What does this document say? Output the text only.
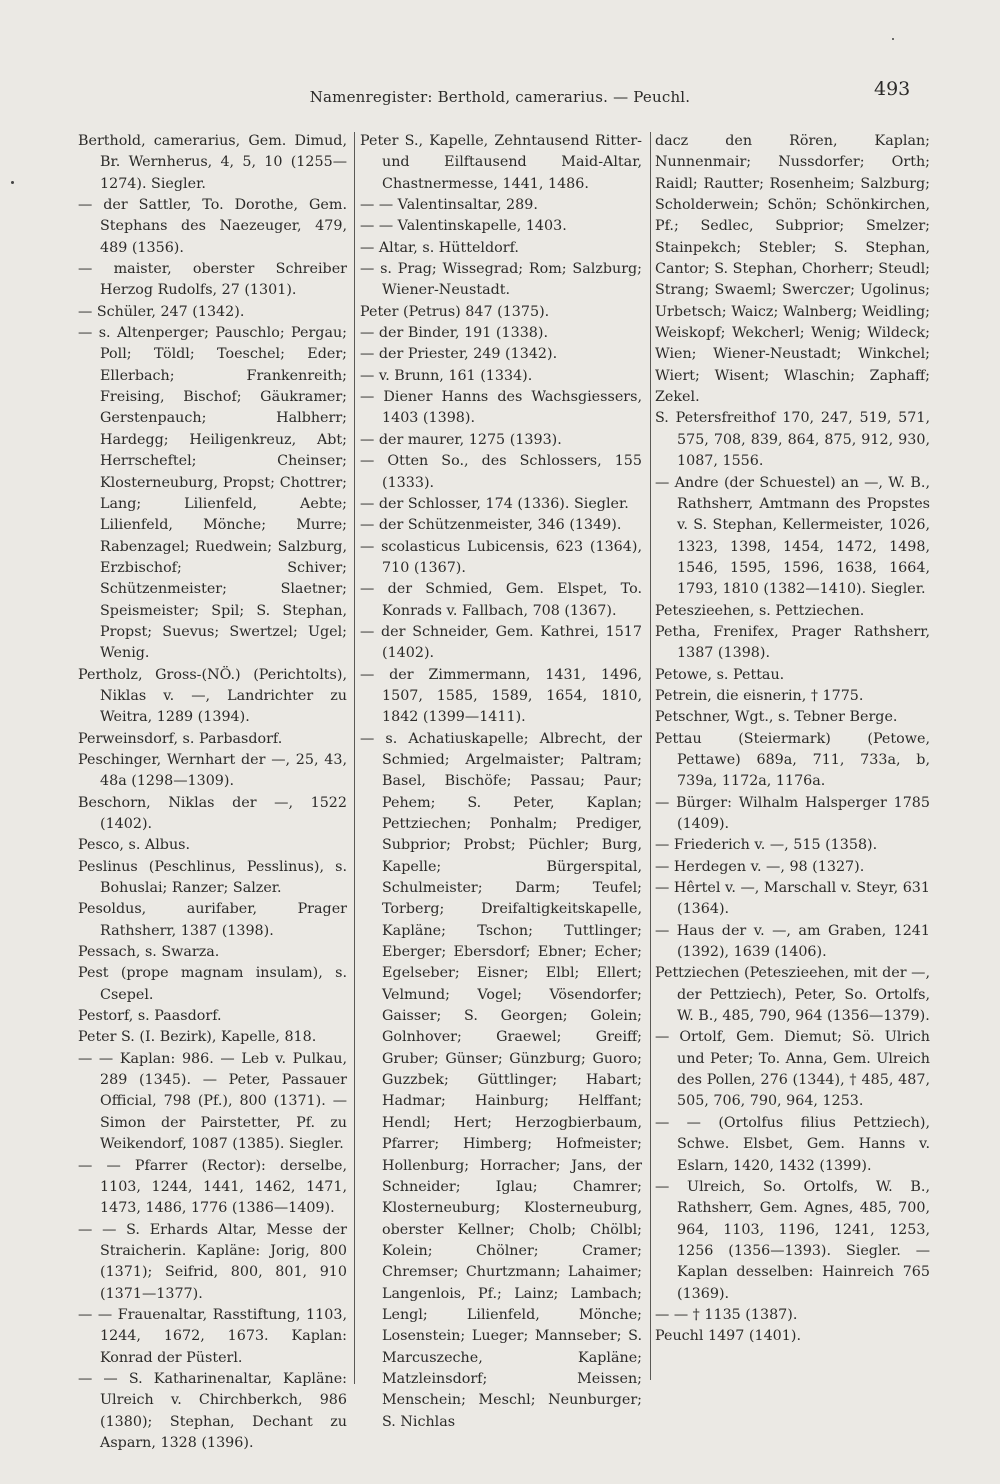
Namenregister: Berthold, camerarius. — Peuchl.	493

Berthold, camerarius, Gem. Dimud, Br. Wernherus, 4, 5, 10 (1255—1274). Siegler.

— der Sattler, To. Dorothe, Gem. Stephans des Naezeuger, 479, 489 (1356).

— maister, oberster Schreiber Herzog Rudolfs, 27 (1301).

— Schüler, 247 (1342).

— s. Altenperger; Pauschlo; Pergau; Poll; Töldl; Toeschel; Eder; Ellerbach; Frankenreith; Freising, Bischof; Gäukramer; Gerstenpauch; Halbherr; Hardegg; Heiligenkreuz, Abt; Herrscheftel; Cheinser; Klosterneuburg, Propst; Chottrer; Lang; Lilienfeld, Aebte; Lilienfeld, Mönche; Murre; Rabenzagel; Ruedwein; Salzburg, Erzbischof; Schiver; Schützenmeister; Slaetner; Speismeister; Spil; S. Stephan, Propst; Suevus; Swertzel; Ugel; Wenig.

Pertholz, Gross-(NÖ.) (Perichtolts), Niklas v. —, Landrichter zu Weitra, 1289 (1394).

Perweinsdorf, s. Parbasdorf.

Peschinger, Wernhart der —, 25, 43, 48a (1298—1309).

Beschorn, Niklas der —, 1522 (1402).

Pesco, s. Albus.

Peslinus (Peschlinus, Pesslinus), s. Bohuslai; Ranzer; Salzer.

Pesoldus, aurifaber, Prager Rathsherr, 1387 (1398).

Pessach, s. Swarza.

Pest (prope magnam insulam), s. Csepel.

Pestorf, s. Paasdorf.

Peter S. (I. Bezirk), Kapelle, 818.

— — Kaplan: 986. — Leb v. Pulkau, 289 (1345). — Peter, Passauer Official, 798 (Pf.), 800 (1371). — Simon der Pairstetter, Pf. zu Weikendorf, 1087 (1385). Siegler.

— — Pfarrer (Rector): derselbe, 1103, 1244, 1441, 1462, 1471, 1473, 1486, 1776 (1386—1409).

— — S. Erhards Altar, Messe der Straicherin. Kapläne: Jorig, 800 (1371); Seifrid, 800, 801, 910 (1371—1377).

— — Frauenaltar, Rasstiftung, 1103, 1244, 1672, 1673. Kaplan: Konrad der Püsterl.

— — S. Katharinenaltar, Kapläne: Ulreich v. Chirchberkch, 986 (1380); Stephan, Dechant zu Asparn, 1328 (1396).

Peter S., Kapelle, Zehntausend Ritter- und Eilftausend Maid-Altar, Chastnermesse, 1441, 1486.

— — Valentinsaltar, 289.

— — Valentinskapelle, 1403.

— Altar, s. Hütteldorf.

— s. Prag; Wissegrad; Rom; Salzburg; Wiener-Neustadt.

Peter (Petrus) 847 (1375).

— der Binder, 191 (1338).

— der Priester, 249 (1342).

— v. Brunn, 161 (1334).

— Diener Hanns des Wachsgiessers, 1403 (1398).

— der maurer, 1275 (1393).

— Otten So., des Schlossers, 155 (1333).

— der Schlosser, 174 (1336). Siegler.

— der Schützenmeister, 346 (1349).

— scolasticus Lubicensis, 623 (1364), 710 (1367).

— der Schmied, Gem. Elspet, To. Konrads v. Fallbach, 708 (1367).

— der Schneider, Gem. Kathrei, 1517 (1402).

— der Zimmermann, 1431, 1496, 1507, 1585, 1589, 1654, 1810, 1842 (1399—1411).

— s. Achatiuskapelle; Albrecht, der Schmied; Argelmaister; Paltram; Basel, Bischöfe; Passau; Paur; Pehem; S. Peter, Kaplan; Pettziechen; Ponhalm; Prediger, Subprior; Probst; Püchler; Burg, Kapelle; Bürgerspital, Schulmeister; Darm; Teufel; Torberg; Dreifaltigkeitskapelle, Kapläne; Tschon; Tuttlinger; Eberger; Ebersdorf; Ebner; Echer; Egelseber; Eisner; Elbl; Ellert; Velmund; Vogel; Vösendorfer; Gaisser; S. Georgen; Golein; Golnhover; Graewel; Greiff; Gruber; Günser; Günzburg; Guoro; Guzzbek; Güttlinger; Habart; Hadmar; Hainburg; Helffant; Hendl; Hert; Herzogbierbaum, Pfarrer; Himberg; Hofmeister; Hollenburg; Horracher; Jans, der Schneider; Iglau; Chamrer; Klosterneuburg; Klosterneuburg, oberster Kellner; Cholb; Chölbl; Kolein; Chölner; Cramer; Chremser; Churtzmann; Lahaimer; Langenlois, Pf.; Lainz; Lambach; Lengl; Lilienfeld, Mönche; Losenstein; Lueger; Mannseber; S. Marcuszeche, Kapläne; Matzleinsdorf; Meissen; Menschein; Meschl; Neunburger; S. Nichlas

dacz den Rören, Kaplan; Nunnenmair; Nussdorfer; Orth; Raidl; Rautter; Rosenheim; Salzburg; Scholderwein; Schön; Schönkirchen, Pf.; Sedlec, Subprior; Smelzer; Stainpekch; Stebler; S. Stephan, Cantor; S. Stephan, Chorherr; Steudl; Strang; Swaeml; Swerczer; Ugolinus; Urbetsch; Waicz; Walnberg; Weidling; Weiskopf; Wekcherl; Wenig; Wildeck; Wien; Wiener-Neustadt; Winkchel; Wiert; Wisent; Wlaschin; Zaphaff; Zekel.

S. Petersfreithof 170, 247, 519, 571, 575, 708, 839, 864, 875, 912, 930, 1087, 1556.

— Andre (der Schuestel) an —, W. B., Rathsherr, Amtmann des Propstes v. S. Stephan, Kellermeister, 1026, 1323, 1398, 1454, 1472, 1498, 1546, 1595, 1596, 1638, 1664, 1793, 1810 (1382—1410). Siegler.

Peteszieehen, s. Pettziechen.

Petha, Frenifex, Prager Rathsherr, 1387 (1398).

Petowe, s. Pettau.

Petrein, die eisnerin, † 1775.

Petschner, Wgt., s. Tebner Berge.

Pettau (Steiermark) (Petowe, Pettawe) 689a, 711, 733a, b, 739a, 1172a, 1176a.

— Bürger: Wilhalm Halsperger 1785 (1409).

— Friederich v. —, 515 (1358).

— Herdegen v. —, 98 (1327).

— Hêrtel v. —, Marschall v. Steyr, 631 (1364).

— Haus der v. —, am Graben, 1241 (1392), 1639 (1406).

Pettziechen (Peteszieehen, mit der —, der Pettziech), Peter, So. Ortolfs, W. B., 485, 790, 964 (1356—1379).

— Ortolf, Gem. Diemut; Sö. Ulrich und Peter; To. Anna, Gem. Ulreich des Pollen, 276 (1344), † 485, 487, 505, 706, 790, 964, 1253.

— — (Ortolfus filius Pettziech), Schwe. Elsbet, Gem. Hanns v. Eslarn, 1420, 1432 (1399).

— Ulreich, So. Ortolfs, W. B., Rathsherr, Gem. Agnes, 485, 700, 964, 1103, 1196, 1241, 1253, 1256 (1356—1393). Siegler. — Kaplan desselben: Hainreich 765 (1369).

— — † 1135 (1387).

Peuchl 1497 (1401).
